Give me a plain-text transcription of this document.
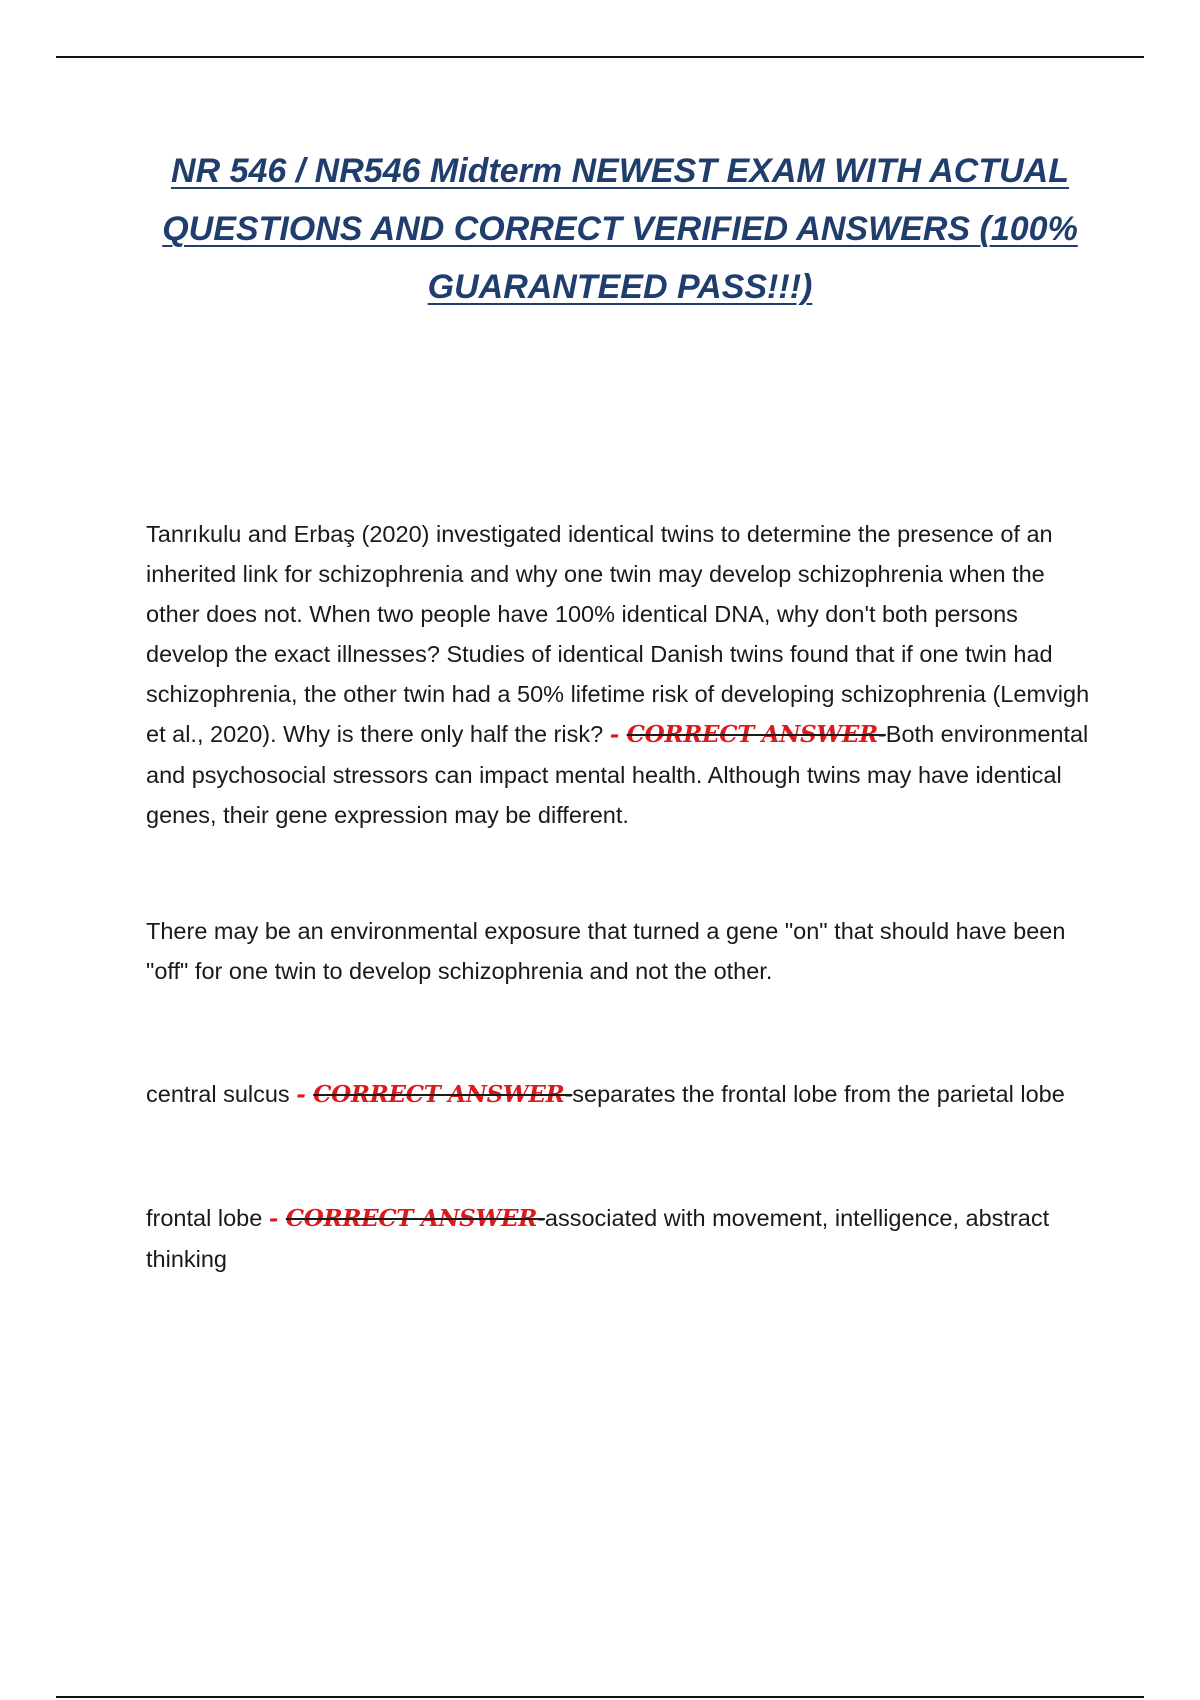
NR 546 / NR546 Midterm NEWEST EXAM WITH ACTUAL QUESTIONS AND CORRECT VERIFIED ANSWERS (100% GUARANTEED PASS!!!)

Tanrıkulu and Erbaş (2020) investigated identical twins to determine the presence of an inherited link for schizophrenia and why one twin may develop schizophrenia when the other does not. When two people have 100% identical DNA, why don't both persons develop the exact illnesses? Studies of identical Danish twins found that if one twin had schizophrenia, the other twin had a 50% lifetime risk of developing schizophrenia (Lemvigh et al., 2020). Why is there only half the risk? - CORRECT ANSWER-Both environmental and psychosocial stressors can impact mental health. Although twins may have identical genes, their gene expression may be different.

There may be an environmental exposure that turned a gene "on" that should have been "off" for one twin to develop schizophrenia and not the other.

central sulcus - CORRECT ANSWER-separates the frontal lobe from the parietal lobe

frontal lobe - CORRECT ANSWER-associated with movement, intelligence, abstract thinking
